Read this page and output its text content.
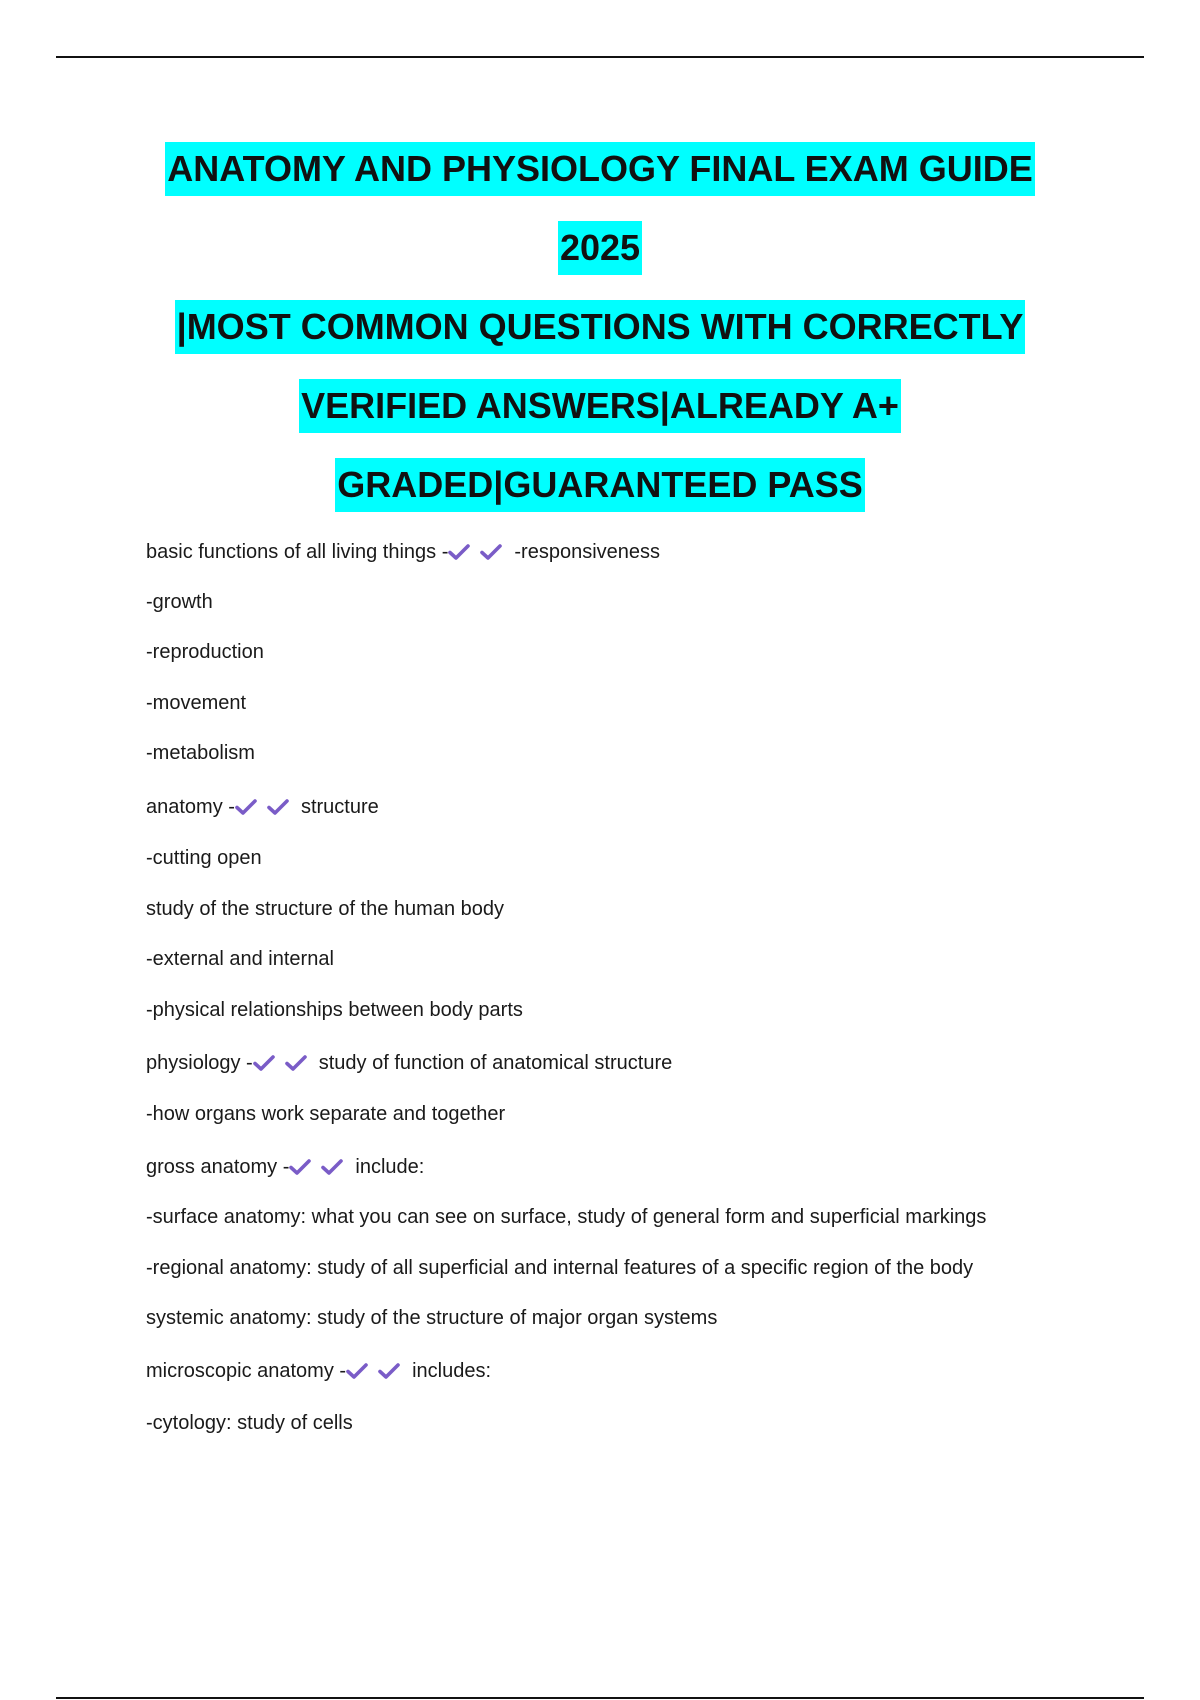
ANATOMY AND PHYSIOLOGY FINAL EXAM GUIDE
2025
|MOST COMMON QUESTIONS WITH CORRECTLY
VERIFIED ANSWERS|ALREADY A+
GRADED|GUARANTEED PASS
basic functions of all living things -	-responsiveness
-growth
-reproduction
-movement
-metabolism
anatomy -	structure
-cutting open
study of the structure of the human body
-external and internal
-physical relationships between body parts
physiology -	study of function of anatomical structure
-how organs work separate and together
gross anatomy -	include:
-surface anatomy: what you can see on surface, study of general form and superficial markings
-regional anatomy: study of all superficial and internal features of a specific region of the body
systemic anatomy: study of the structure of major organ systems
microscopic anatomy -	includes:
-cytology: study of cells
